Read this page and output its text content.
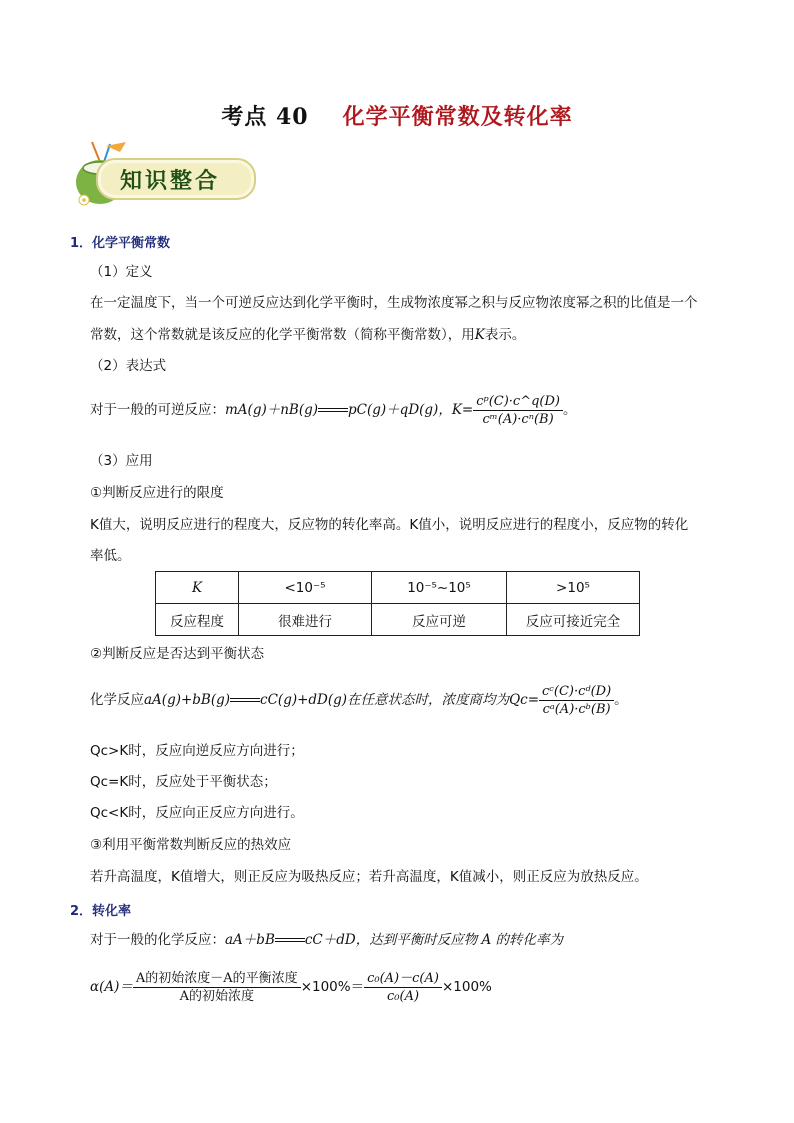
考点 40 化学平衡常数及转化率
知识整合
1．化学平衡常数
（1）定义
在一定温度下，当一个可逆反应达到化学平衡时，生成物浓度幂之积与反应物浓度幂之积的比值是一个
常数，这个常数就是该反应的化学平衡常数（简称平衡常数），用K表示。
（2）表达式
对于一般的可逆反应：mA(g)＋nB(g) pC(g)＋qD(g)，$K= \frac{\text{cᵖ(C)·c\textasciicircum{}q(D)}}{\text{cᵐ(A)·cⁿ(B)}}$ 。
（3）应用
①判断反应进行的限度
K值大，说明反应进行的程度大，反应物的转化率高。K值小，说明反应进行的程度小，反应物的转化
率低。
K	<10⁻⁵	10⁻⁵~10⁵	>10⁵
反应程度	很难进行	反应可逆	反应可接近完全
②判断反应是否达到平衡状态
化学反应aA(g)+bB(g) cC(g)+dD(g)在任意状态时，浓度商均为$Qc= \frac{\text{cᶜ(C)·cᵈ(D)}}{\text{cᵃ(A)·cᵇ(B)}}$ 。
Qc>K时，反应向逆反应方向进行；
Qc=K时，反应处于平衡状态；
Qc<K时，反应向正反应方向进行。
③利用平衡常数判断反应的热效应
若升高温度，K值增大，则正反应为吸热反应；若升高温度，K值减小，则正反应为放热反应。
2．转化率
对于一般的化学反应：aA＋bB cC＋dD，达到平衡时反应物 A 的转化率为
$\alpha(A)= \frac{\text{A的初始浓度－A的平衡浓度}}{\text{A的初始浓度}} \times 100\%= \frac{\text{c₀(A)－c(A)}}{\text{c₀(A)}} \times 100\%$
